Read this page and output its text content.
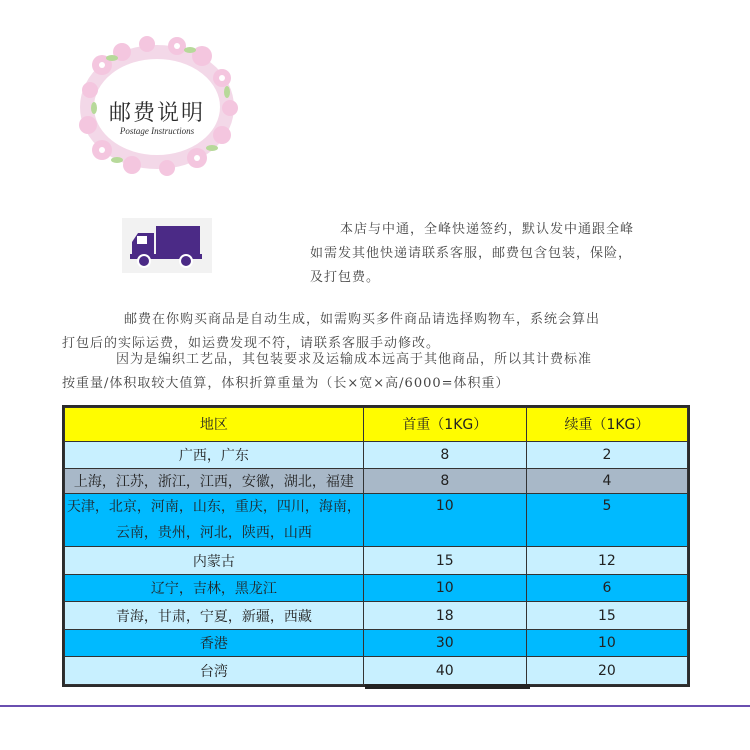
邮费说明
Postage Instructions
本店与中通，全峰快递签约，默认发中通跟全峰
如需发其他快递请联系客服，邮费包含包装，保险，
及打包费。
邮费在你购买商品是自动生成，如需购买多件商品请选择购物车，系统会算出
打包后的实际运费，如运费发现不符，请联系客服手动修改。
因为是编织工艺品，其包装要求及运输成本远高于其他商品，所以其计费标准
按重量/体积取较大值算，体积折算重量为（长×宽×高/6000=体积重）
地区	首重（1KG）	续重（1KG）
广西，广东	8	2
上海，江苏，浙江，江西，安徽，湖北，福建	8	4

天津，北京，河南，山东，重庆，四川，海南，
云南，贵州，河北，陕西，山西	10	5
内蒙古	15	12
辽宁，吉林，黑龙江	10	6
青海，甘肃，宁夏，新疆，西藏	18	15
香港	30	10
台湾	40	20
